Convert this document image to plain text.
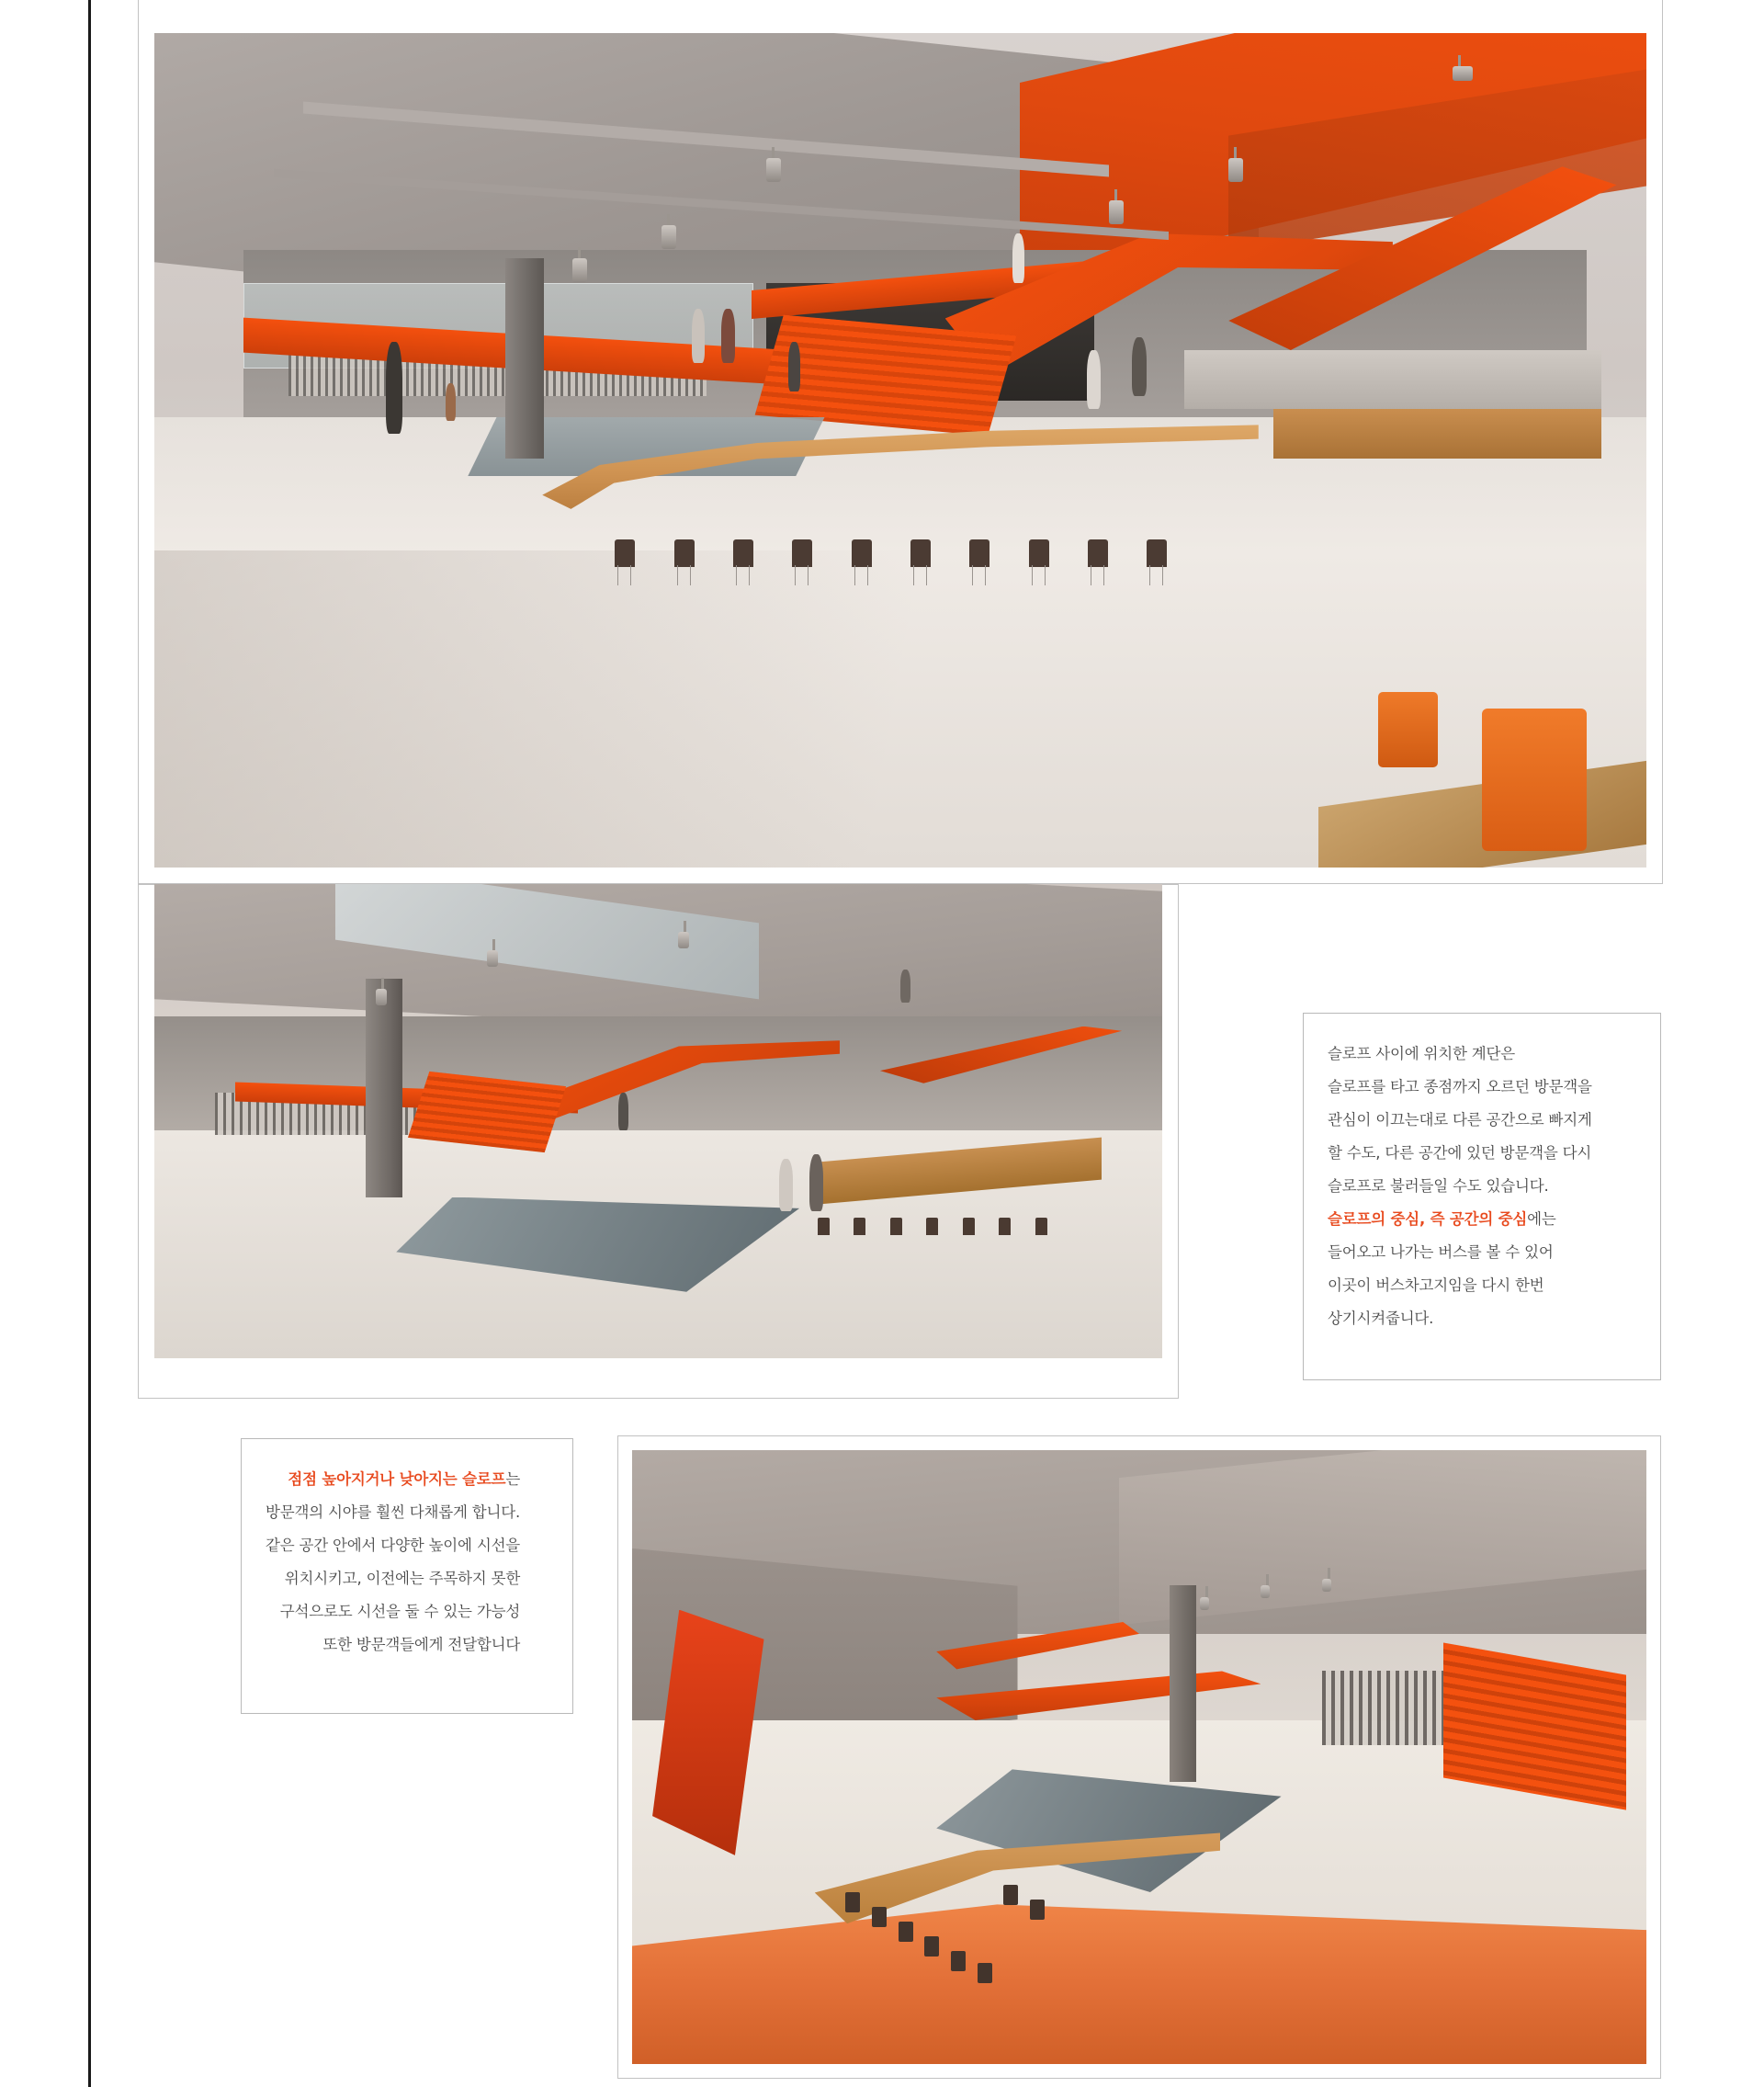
슬로프 사이에 위치한 계단은
슬로프를 타고 종점까지 오르던 방문객을
관심이 이끄는대로 다른 공간으로 빠지게
할 수도, 다른 공간에 있던 방문객을 다시
슬로프로 불러들일 수도 있습니다.
슬로프의 중심, 즉 공간의 중심에는
들어오고 나가는 버스를 볼 수 있어
이곳이 버스차고지임을 다시 한번
상기시켜줍니다.
점점 높아지거나 낮아지는 슬로프는
방문객의 시야를 훨씬 다채롭게 합니다.
같은 공간 안에서 다양한 높이에 시선을
위치시키고, 이전에는 주목하지 못한
구석으로도 시선을 둘 수 있는 가능성
또한 방문객들에게 전달합니다
